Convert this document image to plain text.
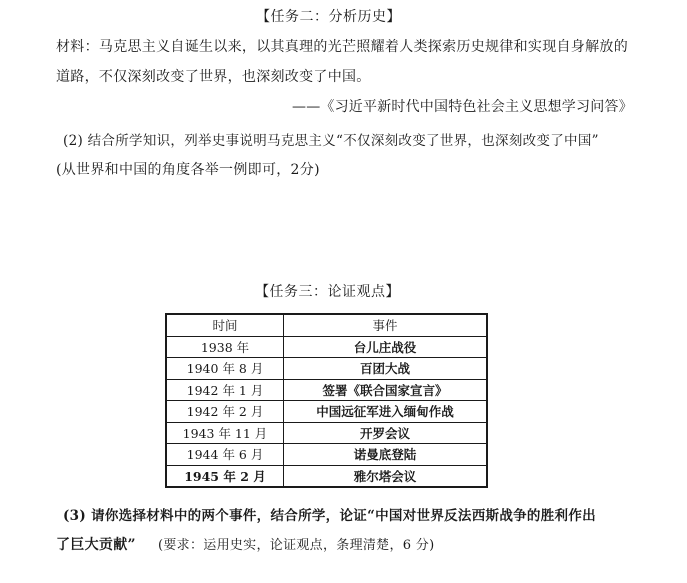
【任务二：分析历史】
材料：马克思主义自诞生以来，以其真理的光芒照耀着人类探索历史规律和实现自身解放的
道路，不仅深刻改变了世界，也深刻改变了中国。
——《习近平新时代中国特色社会主义思想学习问答》
(2) 结合所学知识，列举史事说明马克思主义“不仅深刻改变了世界，也深刻改变了中国”
(从世界和中国的角度各举一例即可，2分)
【任务三：论证观点】
时间	事件
1938 年	台儿庄战役
1940 年 8 月	百团大战
1942 年 1 月	签署《联合国家宣言》
1942 年 2 月	中国远征军进入缅甸作战
1943 年 11 月	开罗会议
1944 年 6 月	诺曼底登陆
1945 年 2 月	雅尔塔会议
(3) 请你选择材料中的两个事件，结合所学，论证“中国对世界反法西斯战争的胜利作出
了巨大贡献” (要求：运用史实，论证观点，条理清楚，6 分)
